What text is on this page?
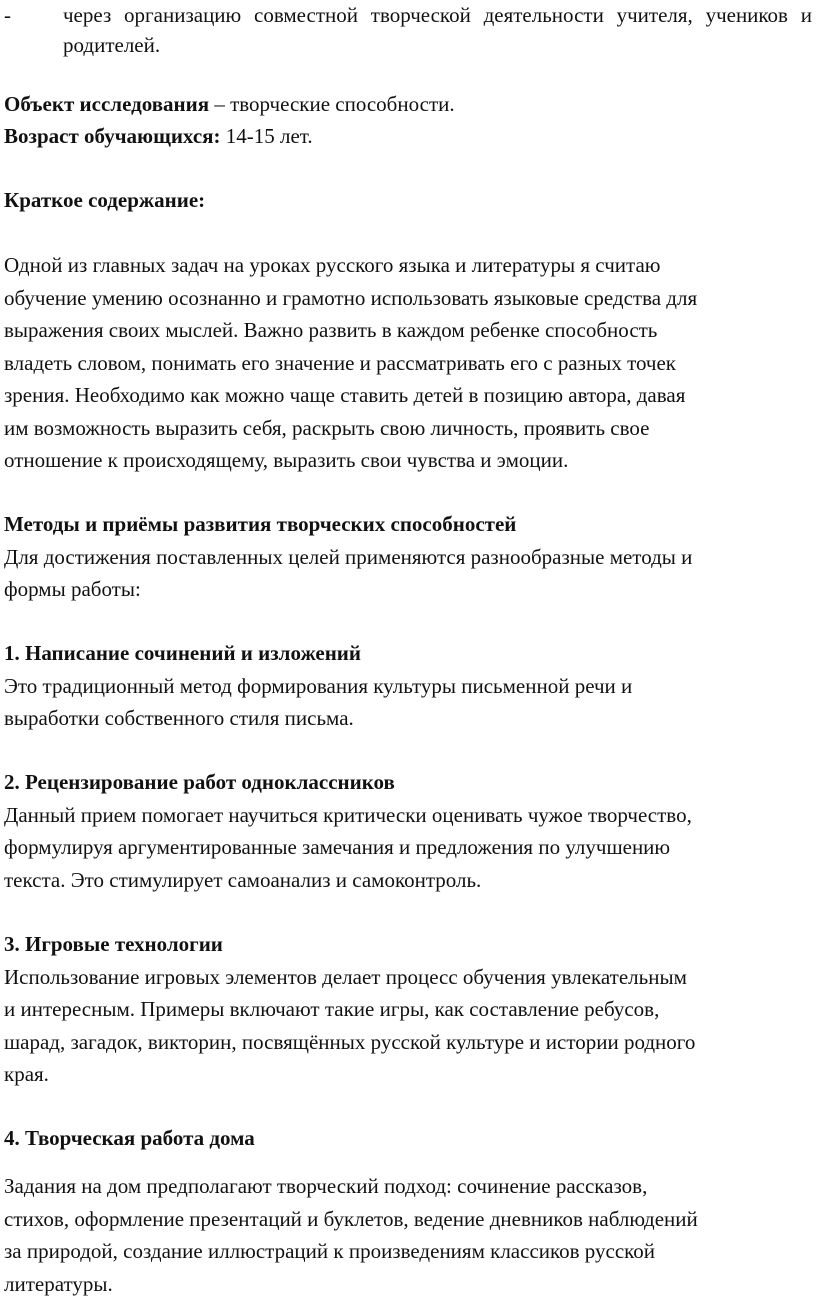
- через организацию совместной творческой деятельности учителя, учеников и родителей.

Объект исследования – творческие способности.

Возраст обучающихся: 14-15 лет.

Краткое содержание:

Одной из главных задач на уроках русского языка и литературы я считаю
обучение умению осознанно и грамотно использовать языковые средства для
выражения своих мыслей. Важно развить в каждом ребенке способность
владеть словом, понимать его значение и рассматривать его с разных точек
зрения. Необходимо как можно чаще ставить детей в позицию автора, давая
им возможность выразить себя, раскрыть свою личность, проявить свое
отношение к происходящему, выразить свои чувства и эмоции.

Методы и приёмы развития творческих способностей
Для достижения поставленных целей применяются разнообразные методы и
формы работы:

1. Написание сочинений и изложений
Это традиционный метод формирования культуры письменной речи и
выработки собственного стиля письма.

2. Рецензирование работ одноклассников
Данный прием помогает научиться критически оценивать чужое творчество,
формулируя аргументированные замечания и предложения по улучшению
текста. Это стимулирует самоанализ и самоконтроль.

3. Игровые технологии
Использование игровых элементов делает процесс обучения увлекательным
и интересным. Примеры включают такие игры, как составление ребусов,
шарад, загадок, викторин, посвящённых русской культуре и истории родного
края.

4. Творческая работа дома

Задания на дом предполагают творческий подход: сочинение рассказов,
стихов, оформление презентаций и буклетов, ведение дневников наблюдений
за природой, создание иллюстраций к произведениям классиков русской
литературы.
